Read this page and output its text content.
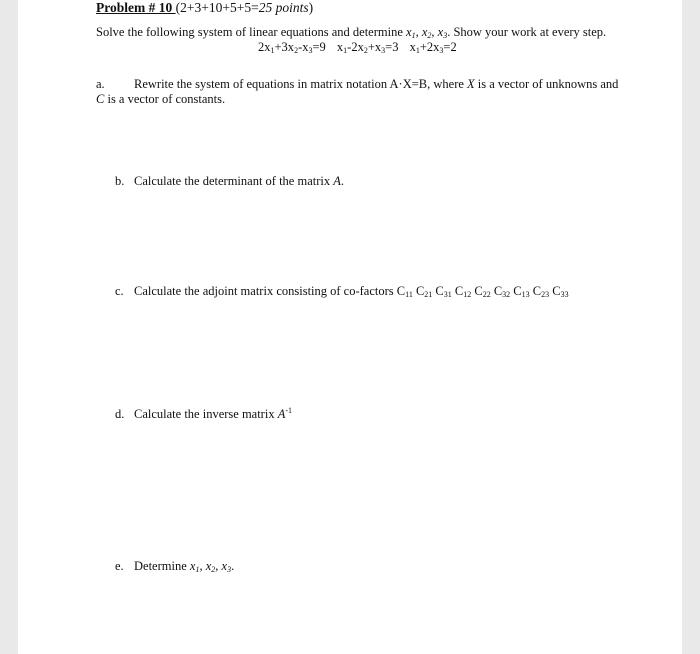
Problem # 10 (2+3+10+5+5=25 points)
Solve the following system of linear equations and determine $x_1$, $x_2$, $x_3$. Show your work at every step.
$2x_1+3x_2-x_3=9$ $x_1-2x_2+x_3=3$ $x_1+2x_3=2$
a. Rewrite the system of equations in matrix notation A·X=B, where X is a vector of unknowns and
C is a vector of constants.
b. Calculate the determinant of the matrix A.
c. Calculate the adjoint matrix consisting of co-factors $C_{11}$ $C_{21}$ $C_{31}$ $C_{12}$ $C_{22}$ $C_{32}$ $C_{13}$ $C_{23}$ $C_{33}$
d. Calculate the inverse matrix $A^{-1}$
e. Determine $x_1$, $x_2$, $x_3$.
